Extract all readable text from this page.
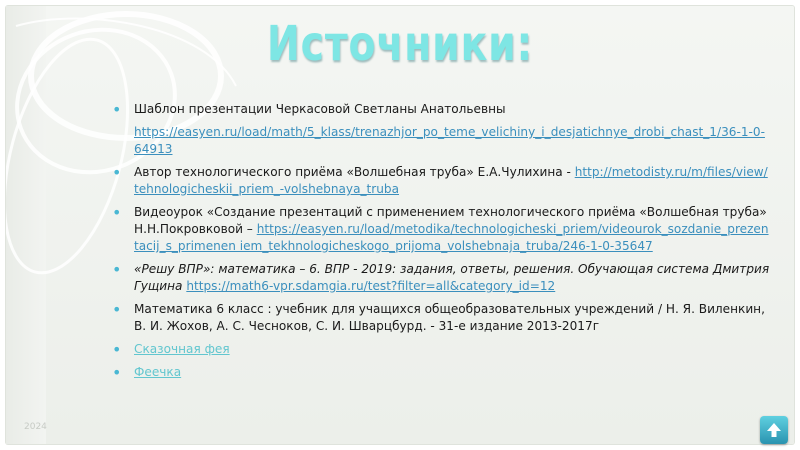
Источники:
• Шаблон презентации Черкасовой Светланы Анатольевны
https://easyen.ru/load/math/5_klass/trenazhjor_po_teme_velichiny_i_desjatichnye_drobi_chast_1/36-1-0-64913
• Автор технологического приёма «Волшебная труба» Е.А.Чулихина - http://metodisty.ru/m/files/view/tehnologicheskii_priem_-volshebnaya_truba
• Видеоурок «Создание презентаций с применением технологического приёма «Волшебная труба» Н.Н.Покровковой – https://easyen.ru/load/metodika/technologicheski_priem/videourok_sozdanie_prezentacij_s_primenen iem_tekhnologicheskogo_prijoma_volshebnaja_truba/246-1-0-35647
• «Решу ВПР»: математика – 6. ВПР - 2019: задания, ответы, решения. Обучающая система Дмитрия Гущина https://math6-vpr.sdamgia.ru/test?filter=all&category_id=12
• Математика 6 класс : учебник для учащихся общеобразовательных учреждений / Н. Я. Виленкин, В. И. Жохов, А. С. Чесноков, С. И. Шварцбурд. - 31-е издание 2013-2017г
• Сказочная фея
• Феечка
2024
